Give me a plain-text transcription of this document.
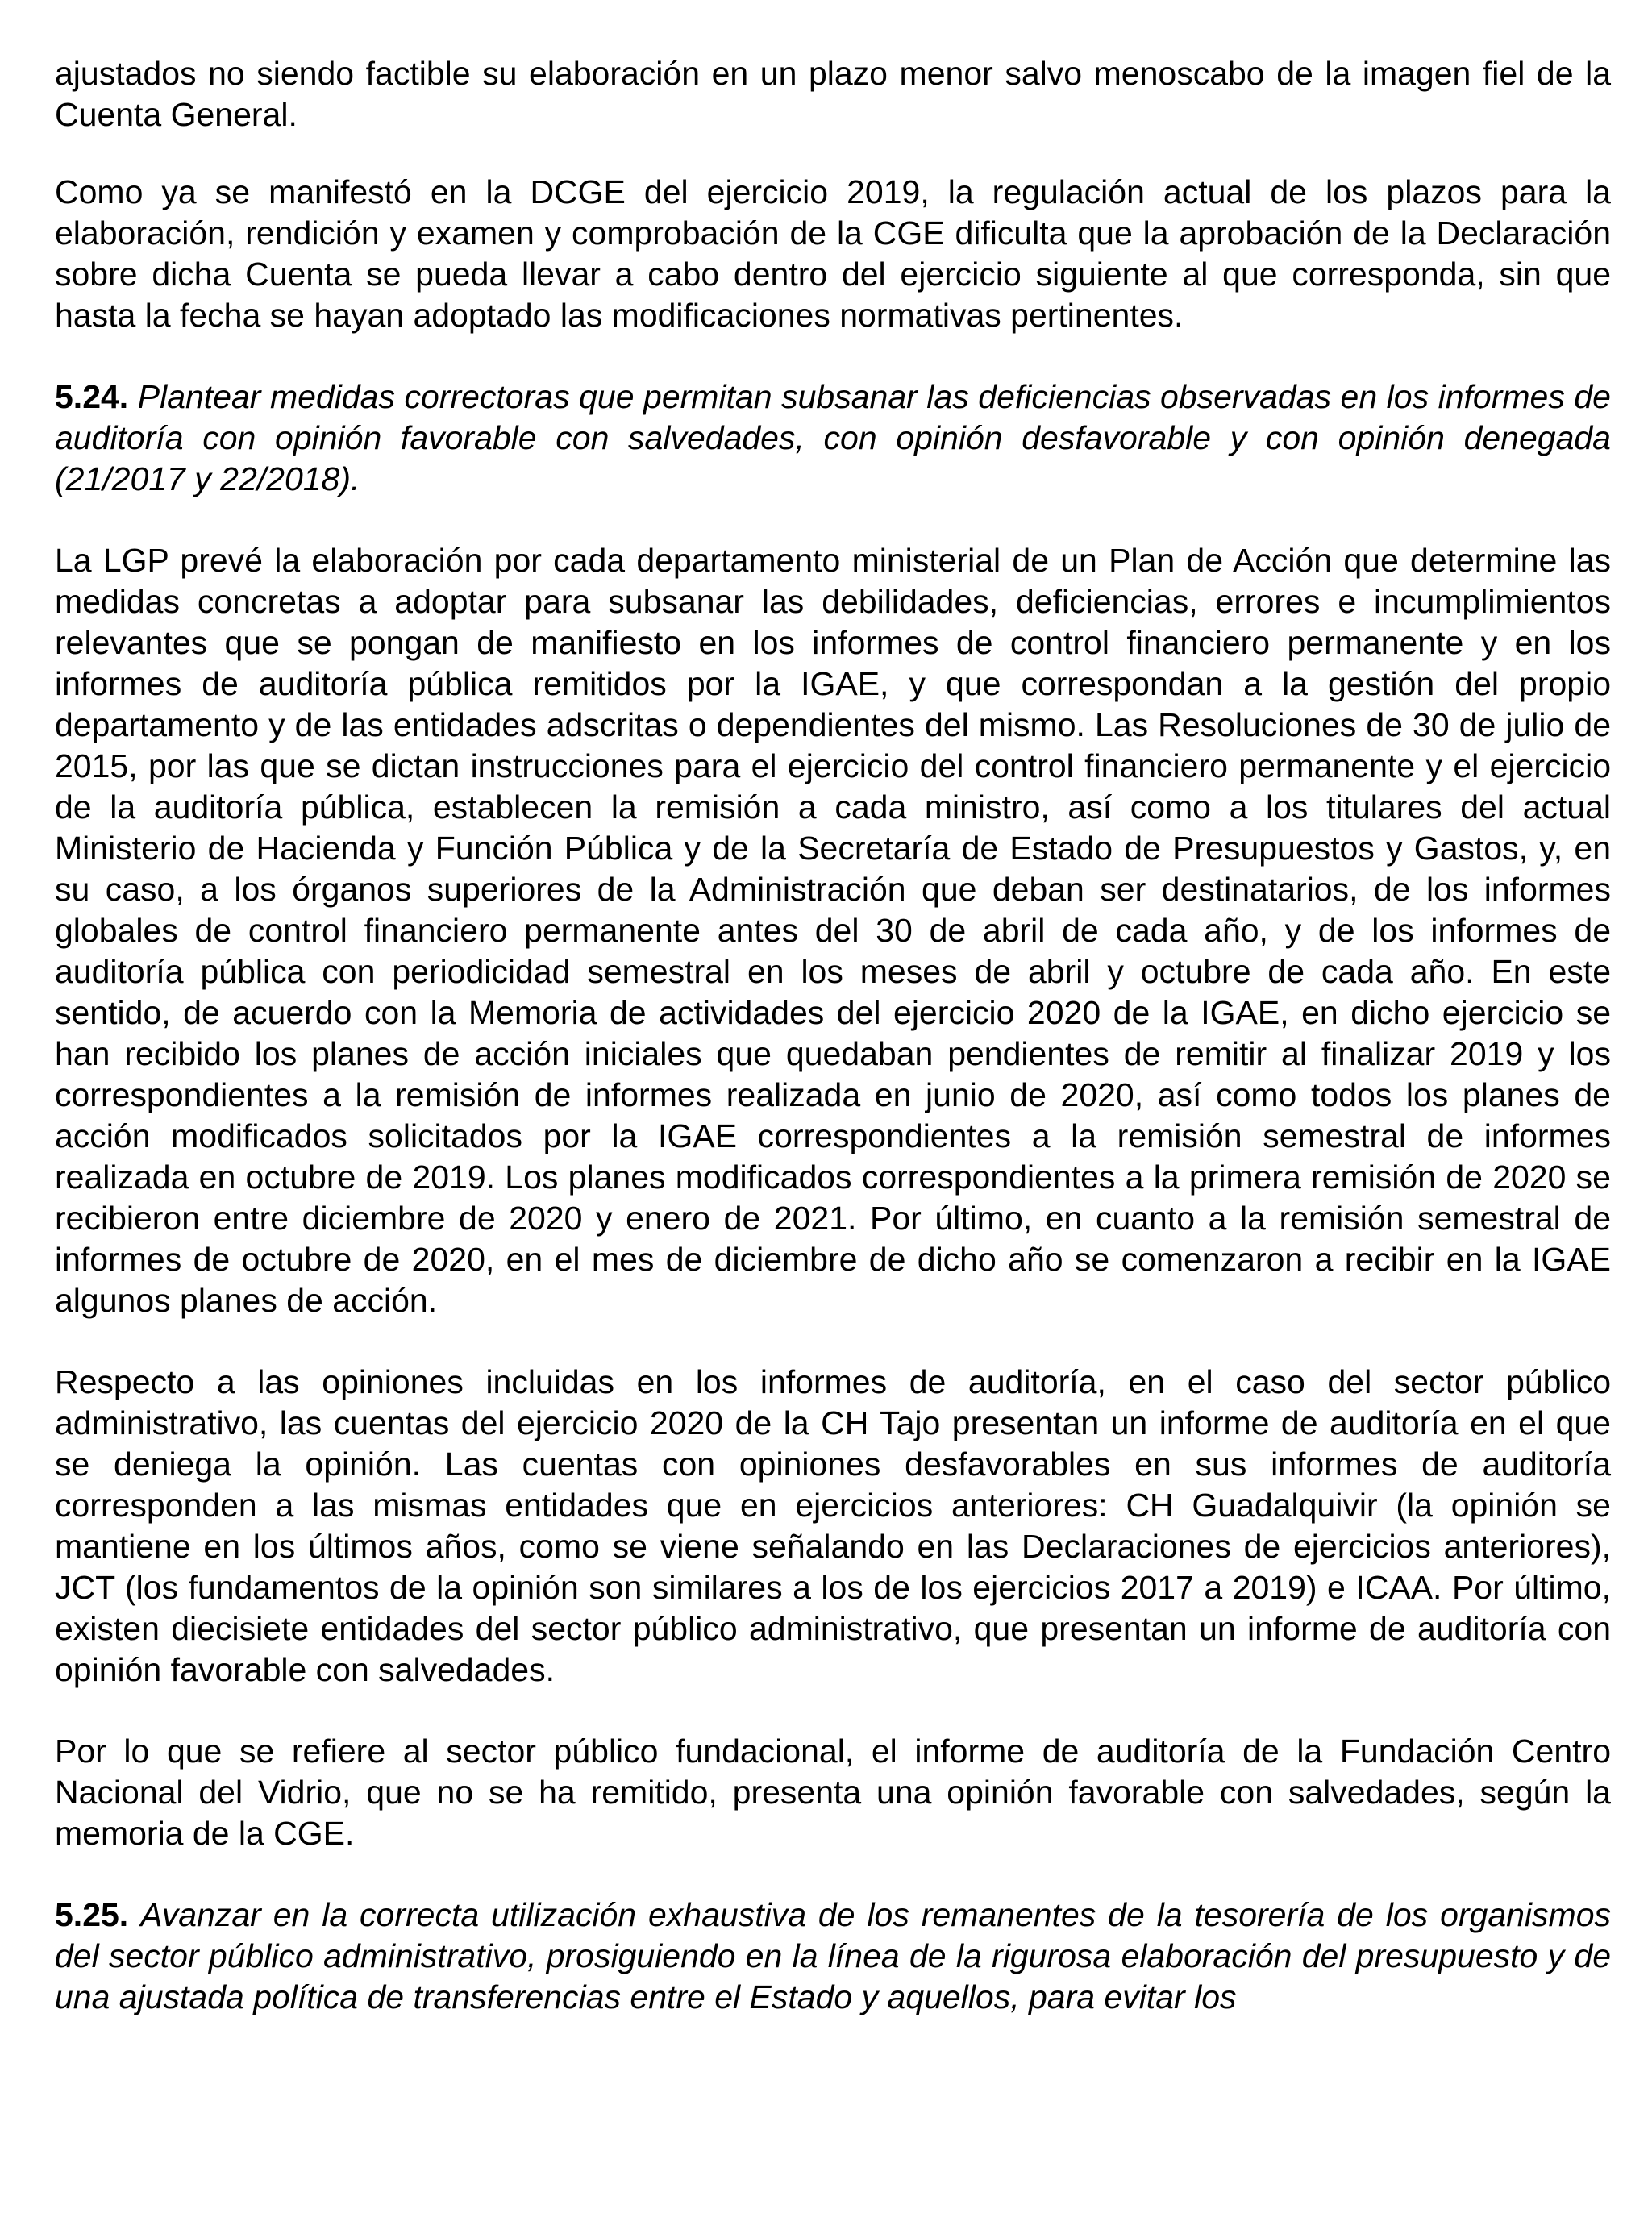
ajustados no siendo factible su elaboración en un plazo menor salvo menoscabo de la imagen fiel de la Cuenta General.

Como ya se manifestó en la DCGE del ejercicio 2019, la regulación actual de los plazos para la elaboración, rendición y examen y comprobación de la CGE dificulta que la aprobación de la Declaración sobre dicha Cuenta se pueda llevar a cabo dentro del ejercicio siguiente al que corresponda, sin que hasta la fecha se hayan adoptado las modificaciones normativas pertinentes.

5.24. Plantear medidas correctoras que permitan subsanar las deficiencias observadas en los informes de auditoría con opinión favorable con salvedades, con opinión desfavorable y con opinión denegada (21/2017 y 22/2018).

La LGP prevé la elaboración por cada departamento ministerial de un Plan de Acción que determine las medidas concretas a adoptar para subsanar las debilidades, deficiencias, errores e incumplimientos relevantes que se pongan de manifiesto en los informes de control financiero permanente y en los informes de auditoría pública remitidos por la IGAE, y que correspondan a la gestión del propio departamento y de las entidades adscritas o dependientes del mismo. Las Resoluciones de 30 de julio de 2015, por las que se dictan instrucciones para el ejercicio del control financiero permanente y el ejercicio de la auditoría pública, establecen la remisión a cada ministro, así como a los titulares del actual Ministerio de Hacienda y Función Pública y de la Secretaría de Estado de Presupuestos y Gastos, y, en su caso, a los órganos superiores de la Administración que deban ser destinatarios, de los informes globales de control financiero permanente antes del 30 de abril de cada año, y de los informes de auditoría pública con periodicidad semestral en los meses de abril y octubre de cada año. En este sentido, de acuerdo con la Memoria de actividades del ejercicio 2020 de la IGAE, en dicho ejercicio se han recibido los planes de acción iniciales que quedaban pendientes de remitir al finalizar 2019 y los correspondientes a la remisión de informes realizada en junio de 2020, así como todos los planes de acción modificados solicitados por la IGAE correspondientes a la remisión semestral de informes realizada en octubre de 2019. Los planes modificados correspondientes a la primera remisión de 2020 se recibieron entre diciembre de 2020 y enero de 2021. Por último, en cuanto a la remisión semestral de informes de octubre de 2020, en el mes de diciembre de dicho año se comenzaron a recibir en la IGAE algunos planes de acción.

Respecto a las opiniones incluidas en los informes de auditoría, en el caso del sector público administrativo, las cuentas del ejercicio 2020 de la CH Tajo presentan un informe de auditoría en el que se deniega la opinión. Las cuentas con opiniones desfavorables en sus informes de auditoría corresponden a las mismas entidades que en ejercicios anteriores: CH Guadalquivir (la opinión se mantiene en los últimos años, como se viene señalando en las Declaraciones de ejercicios anteriores), JCT (los fundamentos de la opinión son similares a los de los ejercicios 2017 a 2019) e ICAA. Por último, existen diecisiete entidades del sector público administrativo, que presentan un informe de auditoría con opinión favorable con salvedades.

Por lo que se refiere al sector público fundacional, el informe de auditoría de la Fundación Centro Nacional del Vidrio, que no se ha remitido, presenta una opinión favorable con salvedades, según la memoria de la CGE.

5.25. Avanzar en la correcta utilización exhaustiva de los remanentes de la tesorería de los organismos del sector público administrativo, prosiguiendo en la línea de la rigurosa elaboración del presupuesto y de una ajustada política de transferencias entre el Estado y aquellos, para evitar los
